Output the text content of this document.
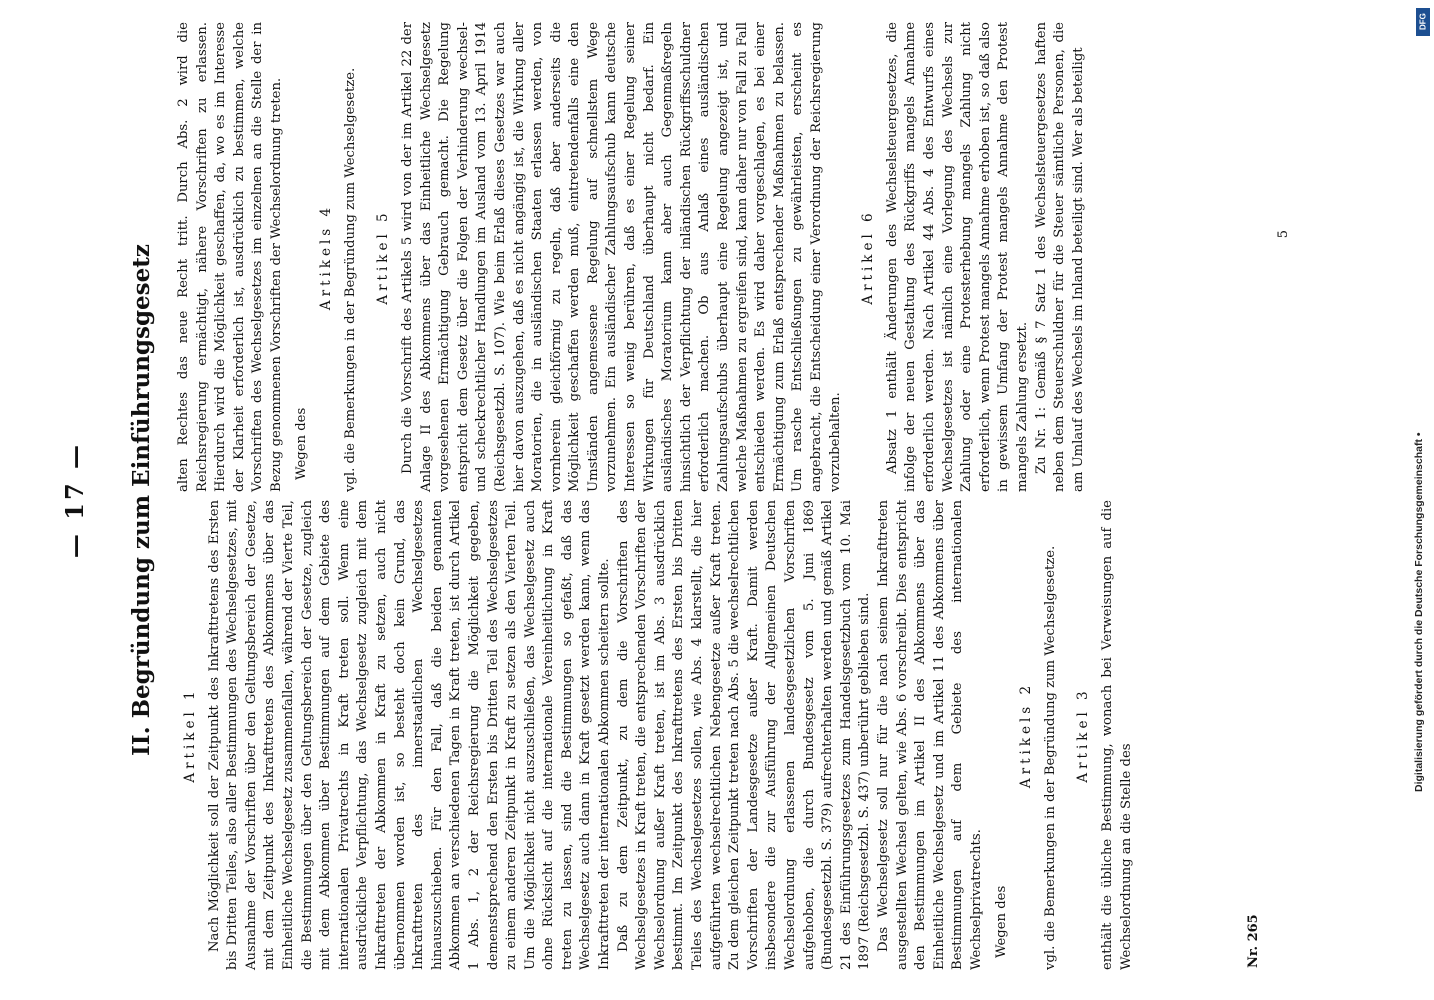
— 17 — II. Begründung zum Einführungsgesetz Artikel 1 Nach Möglichkeit soll der Zeitpunkt des Inkrafttretens des Ersten bis Dritten Teiles, also aller Bestimmungen des Wechselgesetzes, mit Ausnahme der Vorschriften über den Geltungsbereich der Gesetze, mit dem Zeitpunkt des Inkrafttretens des Abkommens über das Einheitliche Wechselgesetz zusammenfallen, während der Vierte Teil, die Bestimmungen über den Geltungsbereich der Gesetze, zugleich mit dem Abkommen über Bestimmungen auf dem Gebiete des internationalen Privatrechts in Kraft treten soll. Wenn eine ausdrückliche Verpflichtung, das Wechselgesetz zugleich mit dem Inkrafttreten der Abkommen in Kraft zu setzen, auch nicht übernommen worden ist, so besteht doch kein Grund, das Inkrafttreten des innerstaatlichen Wechselgesetzes hinauszuschieben. Für den Fall, daß die beiden genannten Abkommen an verschiedenen Tagen in Kraft treten, ist durch Artikel 1 Abs. 1, 2 der Reichsregierung die Möglichkeit gegeben, demenstsprechend den Ersten bis Dritten Teil des Wechselgesetzes zu einem anderen Zeitpunkt in Kraft zu setzen als den Vierten Teil. Um die Möglichkeit nicht auszuschließen, das Wechselgesetz auch ohne Rücksicht auf die internationale Vereinheitlichung in Kraft treten zu lassen, sind die Bestimmungen so gefaßt, daß das Wechselgesetz auch dann in Kraft gesetzt werden kann, wenn das Inkrafttreten der internationalen Abkommen scheitern sollte. Daß zu dem Zeitpunkt, zu dem die Vorschriften des Wechselgesetzes in Kraft treten, die entsprechenden Vorschriften der Wechselordnung außer Kraft treten, ist im Abs. 3 ausdrücklich bestimmt. Im Zeitpunkt des Inkrafttretens des Ersten bis Dritten Teiles des Wechselgesetzes sollen, wie Abs. 4 klarstellt, die hier aufgeführten wechselrechtlichen Nebengesetze außer Kraft treten. Zu dem gleichen Zeitpunkt treten nach Abs. 5 die wechselrechtlichen Vorschriften der Landesgesetze außer Kraft. Damit werden insbesondere die zur Ausführung der Allgemeinen Deutschen Wechselordnung erlassenen landesgesetzlichen Vorschriften aufgehoben, die durch Bundesgesetz vom 5. Juni 1869 (Bundesgesetzbl. S. 379) aufrechterhalten werden und gemäß Artikel 21 des Einführungsgesetzes zum Handelsgesetzbuch vom 10. Mai 1897 (Reichsgesetzbl. S. 437) unberührt geblieben sind. Das Wechselgesetz soll nur für die nach seinem Inkrafttreten ausgestellten Wechsel gelten, wie Abs. 6 vorschreibt. Dies entspricht den Bestimmungen im Artikel II des Abkommens über das Einheitliche Wechselgesetz und im Artikel 11 des Abkommens über Bestimmungen auf dem Gebiete des internationalen Wechselprivatrechts. Wegen des
Artikels 2 vgl. die Bemerkungen in der Begründung zum Wechselgesetze. Artikel 3 enthält die übliche Bestimmung, wonach bei Verweisungen auf die Wechselordnung an die Stelle des

alten Rechtes das neue Recht tritt. Durch Abs. 2 wird die Reichsregierung ermächtigt, nähere Vorschriften zu erlassen. Hierdurch wird die Möglichkeit geschaffen, da, wo es im Interesse der Klarheit erforderlich ist, ausdrücklich zu bestimmen, welche Vorschriften des Wechselgesetzes im einzelnen an die Stelle der in Bezug genommenen Vorschriften der Wechselordnung treten. Wegen des
Artikels 4 vgl. die Bemerkungen in der Begründung zum Wechselgesetze. Artikel 5 Durch die Vorschrift des Artikels 5 wird von der im Artikel 22 der Anlage II des Abkommens über das Einheitliche Wechselgesetz vorgesehenen Ermächtigung Gebrauch gemacht. Die Regelung entspricht dem Gesetz über die Folgen der Verhinderung wechsel- und scheckrechtlicher Handlungen im Ausland vom 13. April 1914 (Reichsgesetzbl. S. 107). Wie beim Erlaß dieses Gesetzes war auch hier davon auszugehen, daß es nicht angängig ist, die Wirkung aller Moratorien, die in ausländischen Staaten erlassen werden, von vornherein gleichförmig zu regeln, daß aber anderseits die Möglichkeit geschaffen werden muß, eintretendenfalls eine den Umständen angemessene Regelung auf schnellstem Wege vorzunehmen. Ein ausländischer Zahlungsaufschub kann deutsche Interessen so wenig berühren, daß es einer Regelung seiner Wirkungen für Deutschland überhaupt nicht bedarf. Ein ausländisches Moratorium kann aber auch Gegenmaßregeln hinsichtlich der Verpflichtung der inländischen Rückgriffsschuldner erforderlich machen. Ob aus Anlaß eines ausländischen Zahlungsaufschubs überhaupt eine Regelung angezeigt ist, und welche Maßnahmen zu ergreifen sind, kann daher nur von Fall zu Fall entschieden werden. Es wird daher vorgeschlagen, es bei einer Ermächtigung zum Erlaß entsprechender Maßnahmen zu belassen. Um rasche Entschließungen zu gewährleisten, erscheint es angebracht, die Entscheidung einer Verordnung der Reichsregierung vorzubehalten.

Artikel 6 Absatz 1 enthält Änderungen des Wechselsteuergesetzes, die infolge der neuen Gestaltung des Rückgriffs mangels Annahme erforderlich werden. Nach Artikel 44 Abs. 4 des Entwurfs eines Wechselgesetzes ist nämlich eine Vorlegung des Wechsels zur Zahlung oder eine Protesterhebung mangels Zahlung nicht erforderlich, wenn Protest mangels Annahme erhoben ist, so daß also in gewissem Umfang der Protest mangels Annahme den Protest mangels Zahlung ersetzt. Zu Nr. 1: Gemäß § 7 Satz 1 des Wechselsteuergesetzes haften neben dem Steuerschuldner für die Steuer sämtliche Personen, die am Umlauf des Wechsels im Inland beteiligt sind. Wer als beteiligt

Nr. 265
5
DFG
Digitalisierung gefördert durch die Deutsche Forschungsgemeinschaft •
